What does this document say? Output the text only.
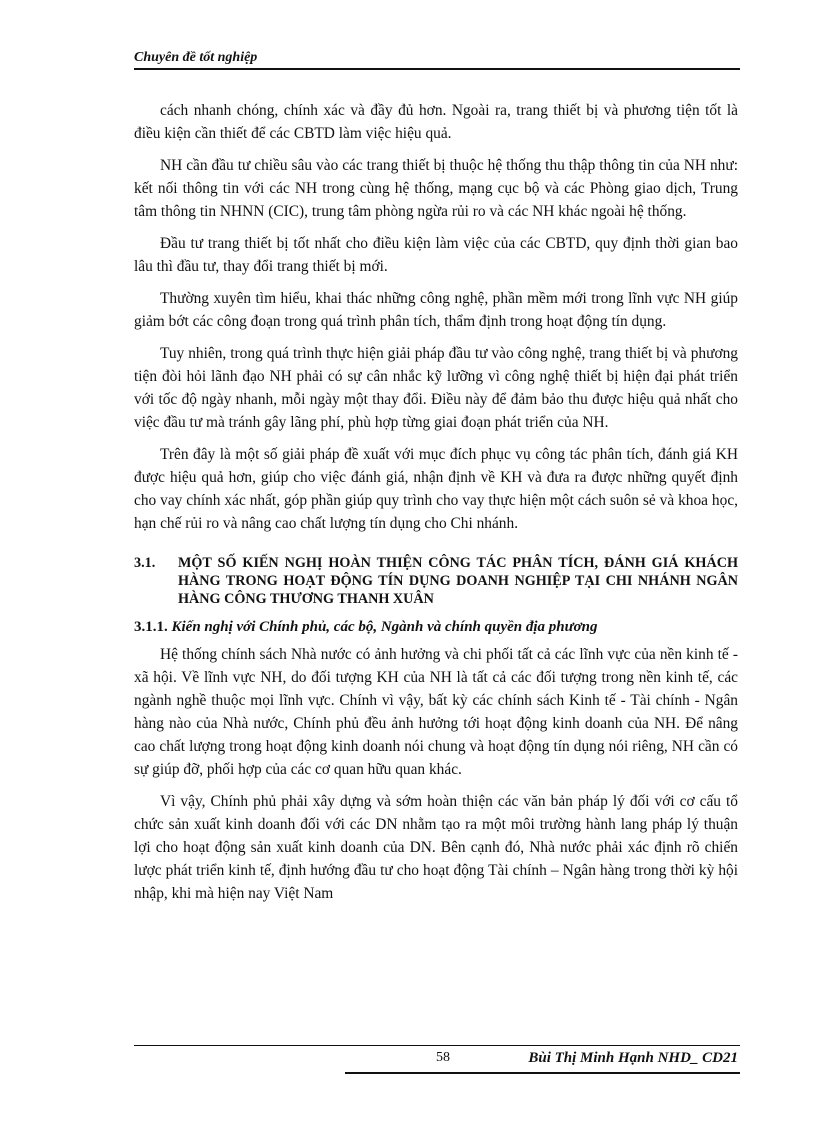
Chuyên đề tốt nghiệp

cách nhanh chóng, chính xác và đầy đủ hơn. Ngoài ra, trang thiết bị và phương tiện tốt là điều kiện cần thiết để các CBTD làm việc hiệu quả.

NH cần đầu tư chiều sâu vào các trang thiết bị thuộc hệ thống thu thập thông tin của NH như: kết nối thông tin với các NH trong cùng hệ thống, mạng cục bộ và các Phòng giao dịch, Trung tâm thông tin NHNN (CIC), trung tâm phòng ngừa rủi ro và các NH khác ngoài hệ thống.

Đầu tư trang thiết bị tốt nhất cho điều kiện làm việc của các CBTD, quy định thời gian bao lâu thì đầu tư, thay đổi trang thiết bị mới.

Thường xuyên tìm hiểu, khai thác những công nghệ, phần mềm mới trong lĩnh vực NH giúp giảm bớt các công đoạn trong quá trình phân tích, thẩm định trong hoạt động tín dụng.

Tuy nhiên, trong quá trình thực hiện giải pháp đầu tư vào công nghệ, trang thiết bị và phương tiện đòi hỏi lãnh đạo NH phải có sự cân nhắc kỹ lưỡng vì công nghệ thiết bị hiện đại phát triển với tốc độ ngày nhanh, mỗi ngày một thay đổi. Điều này để đảm bảo thu được hiệu quả nhất cho việc đầu tư mà tránh gây lãng phí, phù hợp từng giai đoạn phát triển của NH.

Trên đây là một số giải pháp đề xuất với mục đích phục vụ công tác phân tích, đánh giá KH được hiệu quả hơn, giúp cho việc đánh giá, nhận định về KH và đưa ra được những quyết định cho vay chính xác nhất, góp phần giúp quy trình cho vay thực hiện một cách suôn sẻ và khoa học, hạn chế rủi ro và nâng cao chất lượng tín dụng cho Chi nhánh.

3.1.	MỘT SỐ KIẾN NGHỊ HOÀN THIỆN CÔNG TÁC PHÂN TÍCH, ĐÁNH GIÁ KHÁCH HÀNG TRONG HOẠT ĐỘNG TÍN DỤNG DOANH NGHIỆP TẠI CHI NHÁNH NGÂN HÀNG CÔNG THƯƠNG THANH XUÂN
3.1.1. Kiến nghị với Chính phủ, các bộ, Ngành và chính quyền địa phương

Hệ thống chính sách Nhà nước có ảnh hưởng và chi phối tất cả các lĩnh vực của nền kinh tế - xã hội. Về lĩnh vực NH, do đối tượng KH của NH là tất cả các đối tượng trong nền kinh tế, các ngành nghề thuộc mọi lĩnh vực. Chính vì vậy, bất kỳ các chính sách Kinh tế - Tài chính - Ngân hàng nào của Nhà nước, Chính phủ đều ảnh hưởng tới hoạt động kinh doanh của NH. Để nâng cao chất lượng trong hoạt động kinh doanh nói chung và hoạt động tín dụng nói riêng, NH cần có sự giúp đỡ, phối hợp của các cơ quan hữu quan khác.

Vì vậy, Chính phủ phải xây dựng và sớm hoàn thiện các văn bản pháp lý đối với cơ cấu tổ chức sản xuất kinh doanh đối với các DN nhằm tạo ra một môi trường hành lang pháp lý thuận lợi cho hoạt động sản xuất kinh doanh của DN. Bên cạnh đó, Nhà nước phải xác định rõ chiến lược phát triển kinh tế, định hướng đầu tư cho hoạt động Tài chính – Ngân hàng trong thời kỳ hội nhập, khi mà hiện nay Việt Nam

58	Bùi Thị Minh Hạnh NHD_ CD21
